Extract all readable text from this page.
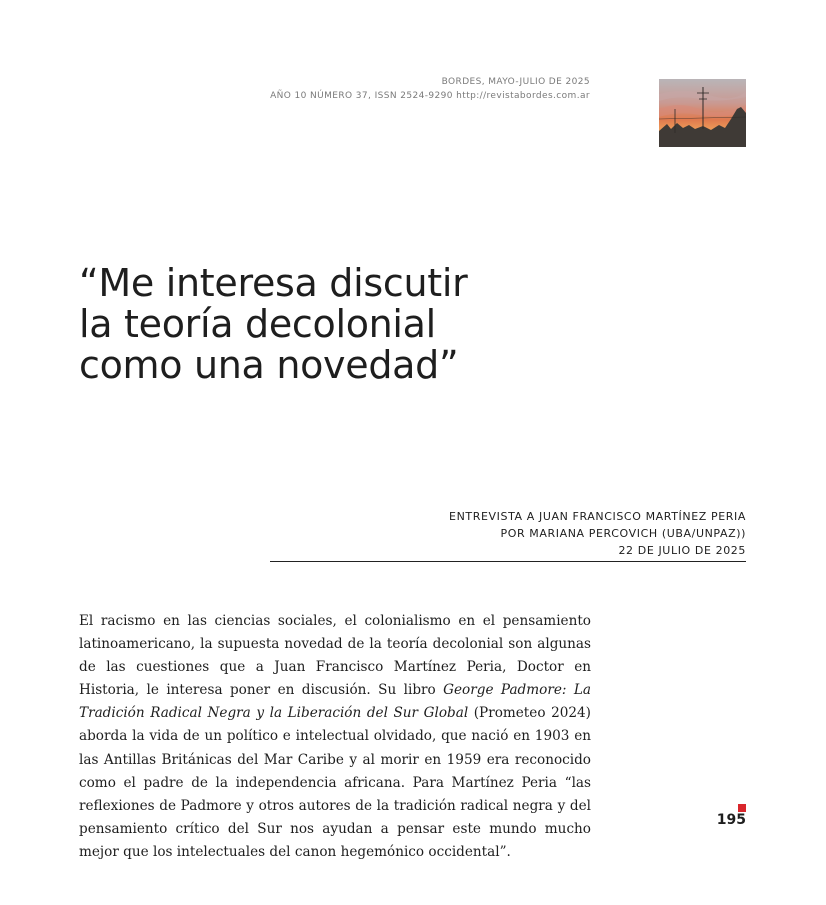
BORDES, MAYO-JULIO DE 2025
AÑO 10 NÚMERO 37, ISSN 2524-9290 http://revistabordes.com.ar
“Me interesa discutir
la teoría decolonial
como una novedad”
ENTREVISTA A JUAN FRANCISCO MARTÍNEZ PERIA
POR MARIANA PERCOVICH (UBA/UNPAZ))
22 DE JULIO DE 2025

El racismo en las ciencias sociales, el colonialismo en el pensamiento latinoamericano, la supuesta novedad de la teoría decolonial son algunas de las cuestiones que a Juan Francisco Martínez Peria, Doctor en Historia, le interesa poner en discusión. Su libro George Padmore: La Tradición Radical Negra y la Liberación del Sur Global (Prometeo 2024) aborda la vida de un político e intelectual olvidado, que nació en 1903 en las Antillas Británicas del Mar Caribe y al morir en 1959 era reconocido como el padre de la independencia africana. Para Martínez Peria “las reflexiones de Padmore y otros autores de la tradición radical negra y del pensamiento crítico del Sur nos ayudan a pensar este mundo mucho mejor que los intelectuales del canon hegemónico occidental”.

195
